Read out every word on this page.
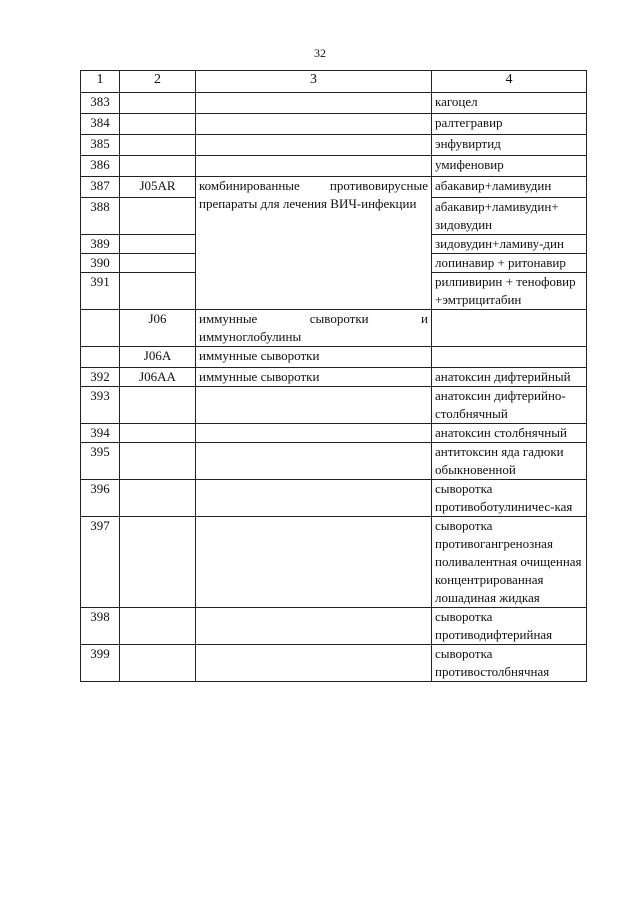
32
1	2	3	4
383			кагоцел
384			ралтегравир
385			энфувиртид
386			умифеновир
387	J05AR	комбинированные противовирусные препараты для лечения ВИЧ-инфекции	абакавир+ламивудин
388			абакавир+ламивудин+ зидовудин
389			зидовудин+ламиву-дин
390			лопинавир + ритонавир
391			рилпивирин + тенофовир +эмтрицитабин
	J06	иммунные сыворотки и иммуноглобулины	
	J06A	иммунные сыворотки	
392	J06AA	иммунные сыворотки	анатоксин дифтерийный
393			анатоксин дифтерийно-столбнячный
394			анатоксин столбнячный
395			антитоксин яда гадюки обыкновенной
396			сыворотка противоботулиничес-кая
397			сыворотка противогангренозная поливалентная очищенная концентрированная лошадиная жидкая
398			сыворотка противодифтерийная
399			сыворотка противостолбнячная
